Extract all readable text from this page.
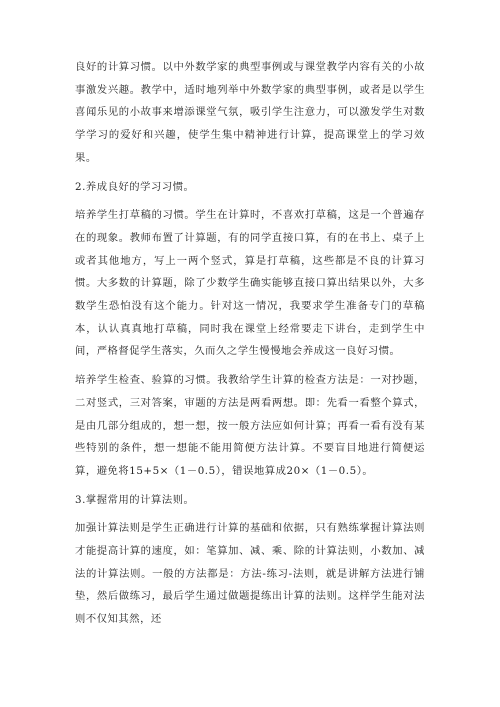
良好的计算习惯。以中外数学家的典型事例或与课堂教学内容有关的小故事激发兴趣。教学中，适时地列举中外数学家的典型事例，或者是以学生喜闻乐见的小故事来增添课堂气氛，吸引学生注意力，可以激发学生对数学学习的爱好和兴趣，使学生集中精神进行计算，提高课堂上的学习效果。

2.养成良好的学习习惯。

培养学生打草稿的习惯。学生在计算时，不喜欢打草稿，这是一个普遍存在的现象。教师布置了计算题，有的同学直接口算，有的在书上、桌子上或者其他地方，写上一两个竖式，算是打草稿，这些都是不良的计算习惯。大多数的计算题，除了少数学生确实能够直接口算出结果以外，大多数学生恐怕没有这个能力。针对这一情况，我要求学生准备专门的草稿本，认认真真地打草稿，同时我在课堂上经常要走下讲台，走到学生中间，严格督促学生落实，久而久之学生慢慢地会养成这一良好习惯。

培养学生检查、验算的习惯。我教给学生计算的检查方法是：一对抄题，二对竖式，三对答案，审题的方法是两看两想。即：先看一看整个算式，是由几部分组成的，想一想，按一般方法应如何计算；再看一看有没有某些特别的条件，想一想能不能用简便方法计算。不要盲目地进行简便运算，避免将15+5×（1－0.5），错误地算成20×（1－0.5）。

3.掌握常用的计算法则。

加强计算法则是学生正确进行计算的基础和依据，只有熟练掌握计算法则才能提高计算的速度，如：笔算加、减、乘、除的计算法则，小数加、减法的计算法则。一般的方法都是：方法-练习-法则，就是讲解方法进行铺垫，然后做练习，最后学生通过做题提练出计算的法则。这样学生能对法则不仅知其然，还
